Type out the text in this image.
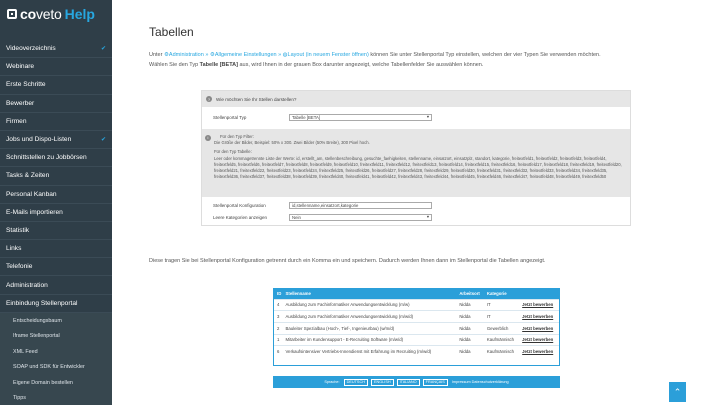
coveto Help
Videoverzeichnis	✔
Webinare
Erste Schritte
Bewerber
Firmen
Jobs und Dispo-Listen	✔
Schnittstellen zu Jobbörsen
Tasks & Zeiten
Personal Kanban
E-Mails importieren
Statistik
Links
Telefonie
Administration
Einbindung Stellenportal
Entscheidungsbaum
Iframe Stellenportal
XML Feed
SOAP und SDK für Entwickler
Eigene Domain bestellen
Tipps
Tabellen
Unter ⚙Administration » ⚙Allgemeine Einstellungen » ◍Layout (in neuem Fenster öffnen) können Sie unter Stellenportal Typ einstellen, welchen der vier Typen Sie verwenden möchten.
Wählen Sie den Typ Tabelle [BETA] aus, wird Ihnen in der grauen Box darunter angezeigt, welche Tabellenfelder Sie auswählen können.
?	Wie möchten Sie Ihr Stellen darstellen?
Stellenportal Typ	Tabelle [BETA]	▾
i	Für den Typ Filter:
Die Größe der Bilder, Beispiel: 50% x 300. Zwei Bilder (50% Breite), 300 Pixel hoch.
Für den Typ Tabelle:
Leer oder kommagetrennte Liste der Werte: id, erstellt_am, stellenbeschreibung, gesuchte_faehigkeiten, stellenname, einsatzort, einsatzplz, standort, kategorie, freitextfeld1, freitextfeld2, freitextfeld3, freitextfeld4, freitextfeld5, freitextfeld6, freitextfeld7, freitextfeld8, freitextfeld9, freitextfeld10, freitextfeld11, freitextfeld12, freitextfeld13, freitextfeld14, freitextfeld15, freitextfeld16, freitextfeld17, freitextfeld18, freitextfeld19, freitextfeld20, freitextfeld21, freitextfeld22, freitextfeld23, freitextfeld24, freitextfeld25, freitextfeld26, freitextfeld27, freitextfeld28, freitextfeld29, freitextfeld30, freitextfeld31, freitextfeld32, freitextfeld33, freitextfeld34, freitextfeld35, freitextfeld36, freitextfeld37, freitextfeld38, freitextfeld39, freitextfeld40, freitextfeld41, freitextfeld42, freitextfeld43, freitextfeld44, freitextfeld45, freitextfeld46, freitextfeld47, freitextfeld48, freitextfeld49, freitextfeld50
Stellenportal Konfiguration	id,stellenname,einsatzort,kategorie
Leere Kategorien anzeigen	Nein	▾
Diese tragen Sie bei Stellenportal Konfiguration getrennt durch ein Komma ein und speichern. Dadurch werden Ihnen dann im Stellenportal die Tabellen angezeigt.
ID	Stellenname	Arbeitsort	Kategorie	
4	Ausbildung zum Fachinformatiker Anwendungsentwicklung (m/w)	Nidda	IT	Jetzt bewerben
3	Ausbildung zum Fachinformatiker Anwendungsentwicklung (m/w/d)	Nidda	IT	Jetzt bewerben
2	Bauleiter Spezialbau (Hoch-, Tief-, Ingenieurbau) (w/m/d)	Nidda	Gewerblich	Jetzt bewerben
1	Mitarbeiter im Kundensupport - E-Recruiting Software (m/w/d)	Nidda	Kaufmännisch	Jetzt bewerben
6	Verkaufsintensiver Vertriebs-Innendienst mit Erfahrung im Recruiting (m/w/d)	Nidda	Kaufmännisch	Jetzt bewerben
Sprache:	DEUTSCH	ENGLISH	ITALIANO	FRANÇAIS	Impressum Datenschutzerklärung
⌃
